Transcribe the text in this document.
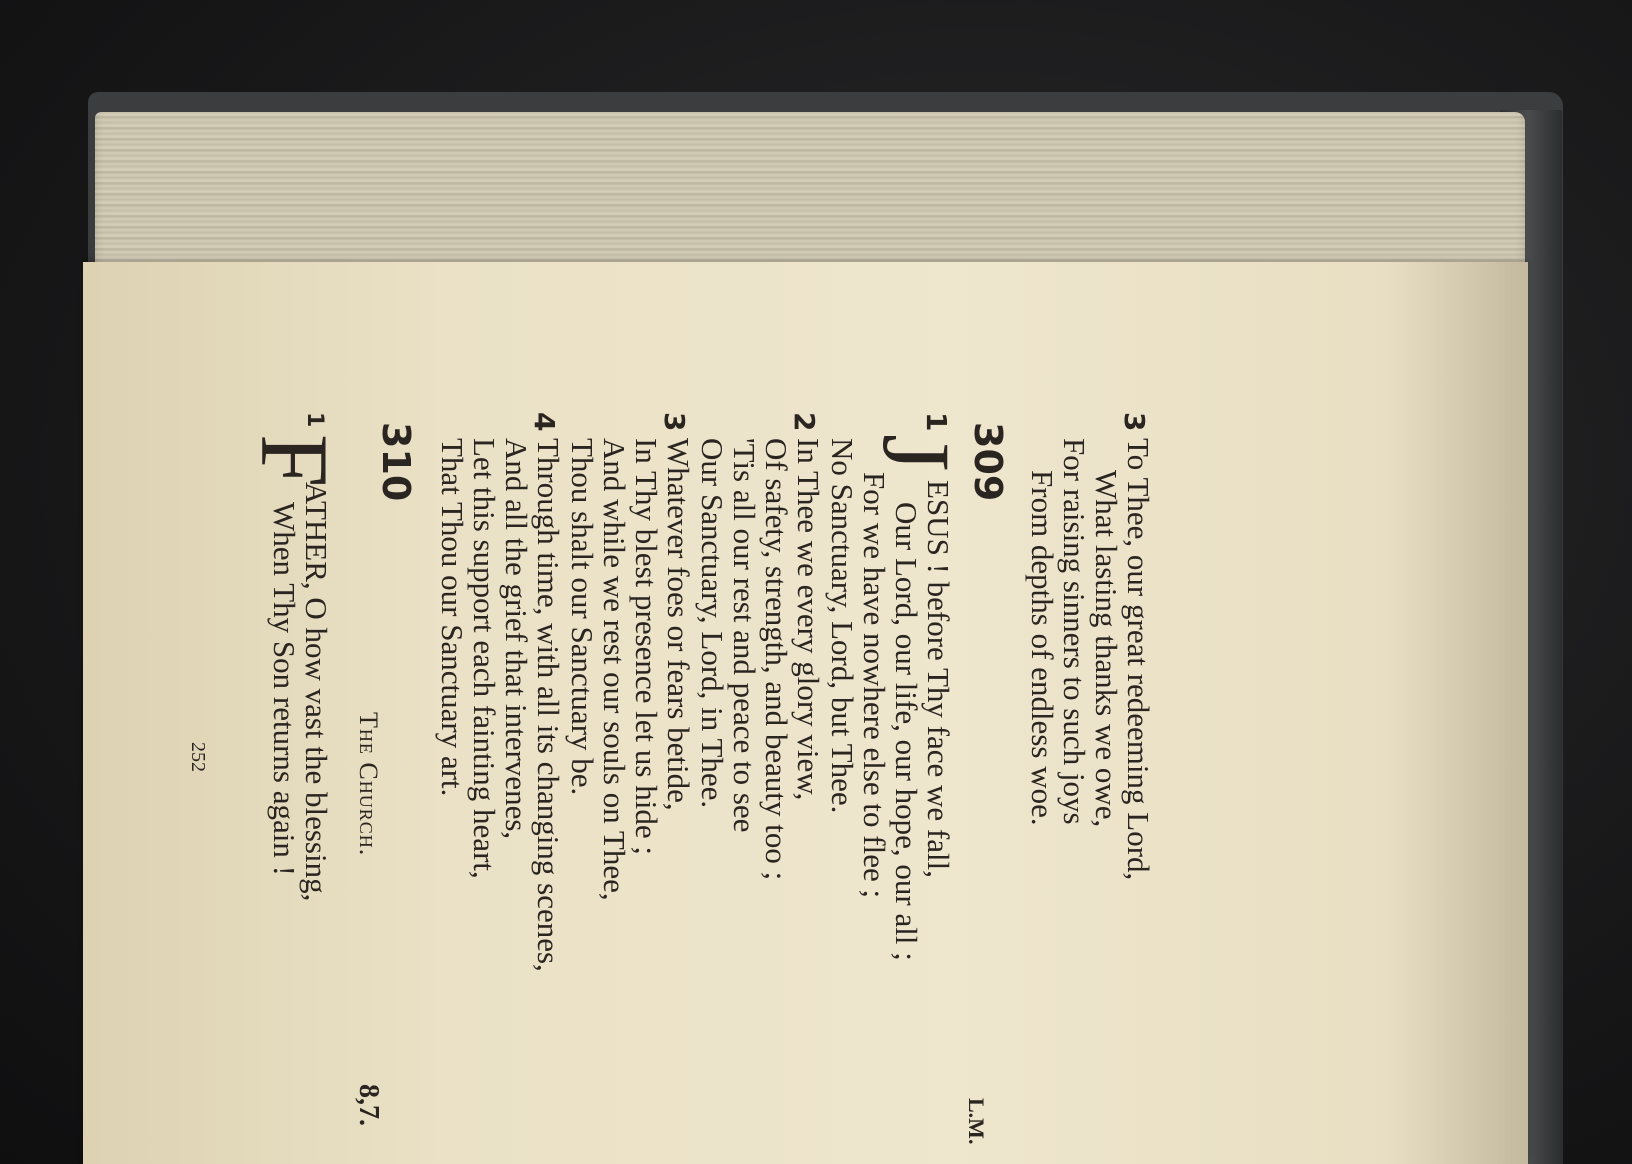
3
To Thee, our great redeeming Lord,
What lasting thanks we owe,
For raising sinners to such joys
From depths of endless woe.
309
L.M.
1
J
ESUS ! before Thy face we fall,
Our Lord, our life, our hope, our all ;
For we have nowhere else to flee ;
No Sanctuary, Lord, but Thee.
2
In Thee we every glory view,
Of safety, strength, and beauty too ;
'Tis all our rest and peace to see
Our Sanctuary, Lord, in Thee.
3
Whatever foes or fears betide,
In Thy blest presence let us hide ;
And while we rest our souls on Thee,
Thou shalt our Sanctuary be.
4
Through time, with all its changing scenes,
And all the grief that intervenes,
Let this support each fainting heart,
That Thou our Sanctuary art.
310
The Church.
8,7.
1
F
ATHER, O how vast the blessing,
When Thy Son returns again !
252
